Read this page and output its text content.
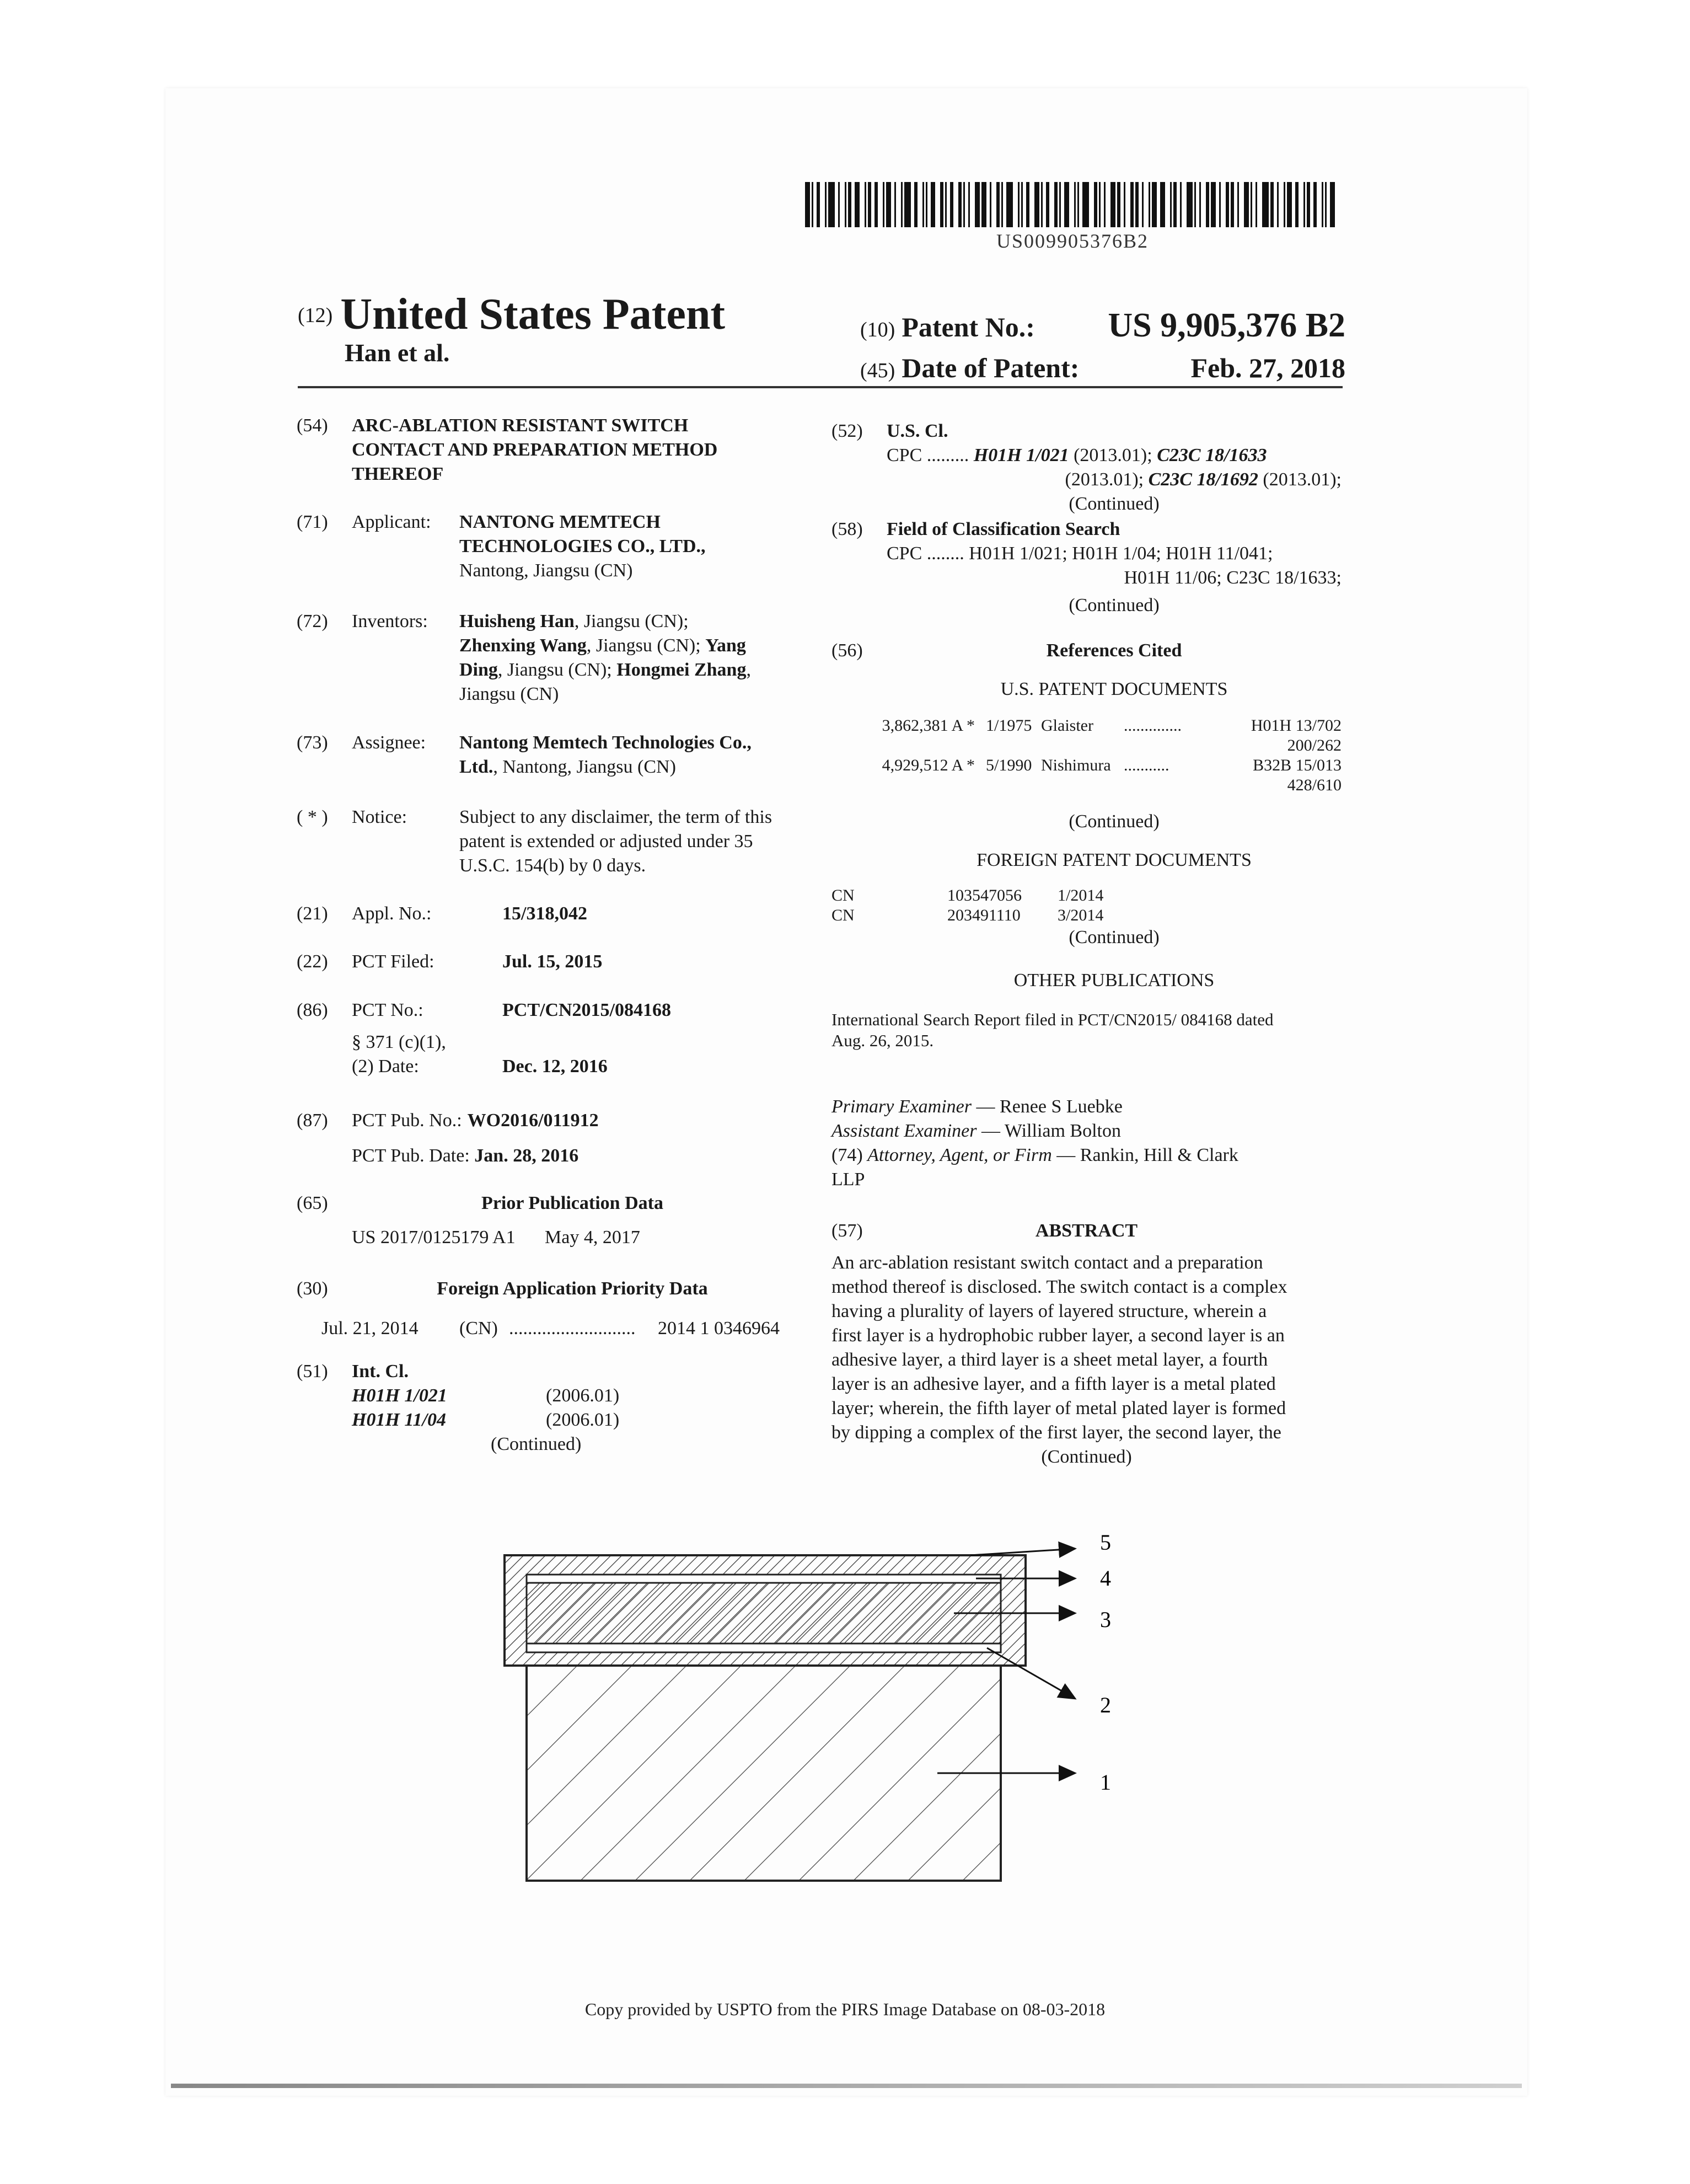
US009905376B2
(12) United States Patent
Han et al.
(10) Patent No.: US 9,905,376 B2
(45) Date of Patent:	Feb. 27, 2018
(54)	ARC-ABLATION RESISTANT SWITCH
CONTACT AND PREPARATION METHOD
THEREOF
(71)	Applicant:	NANTONG MEMTECH
TECHNOLOGIES CO., LTD.,
Nantong, Jiangsu (CN)
(72)	Inventors:	Huisheng Han, Jiangsu (CN);
Zhenxing Wang, Jiangsu (CN); Yang
Ding, Jiangsu (CN); Hongmei Zhang,
Jiangsu (CN)
(73)	Assignee:	Nantong Memtech Technologies Co.,
Ltd., Nantong, Jiangsu (CN)
( * )	Notice:	Subject to any disclaimer, the term of this
patent is extended or adjusted under 35
U.S.C. 154(b) by 0 days.
(21)	Appl. No.:	15/318,042
(22)	PCT Filed:	Jul. 15, 2015
(86)	PCT No.:	PCT/CN2015/084168
§ 371 (c)(1),
(2) Date:	Dec. 12, 2016
(87)	PCT Pub. No.: WO2016/011912
PCT Pub. Date: Jan. 28, 2016
(65)	Prior Publication Data
US 2017/0125179 A1	May 4, 2017
(30)	Foreign Application Priority Data
Jul. 21, 2014	(CN) ...........................	2014 1 0346964
(51)	Int. Cl.
H01H 1/021	(2006.01)
H01H 11/04	(2006.01)
(Continued)
(52)	U.S. Cl.
CPC ......... H01H 1/021 (2013.01); C23C 18/1633
(2013.01); C23C 18/1692 (2013.01);
(Continued)
(58)	Field of Classification Search
CPC ........ H01H 1/021; H01H 1/04; H01H 11/041;
H01H 11/06; C23C 18/1633;
(Continued)
(56)	References Cited
U.S. PATENT DOCUMENTS
3,862,381 A * 1/1975 Glaister	..............	H01H 13/702
200/262
4,929,512 A * 5/1990 Nishimura ...........	B32B 15/013
428/610
(Continued)
FOREIGN PATENT DOCUMENTS
CN	103547056	1/2014
CN	203491110	3/2014
(Continued)
OTHER PUBLICATIONS
International Search Report filed in PCT/CN2015/ 084168 dated
Aug. 26, 2015.
Primary Examiner — Renee S Luebke
Assistant Examiner — William Bolton
(74) Attorney, Agent, or Firm — Rankin, Hill & Clark
LLP
(57)	ABSTRACT
An arc-ablation resistant switch contact and a preparation
method thereof is disclosed. The switch contact is a complex
having a plurality of layers of layered structure, wherein a
first layer is a hydrophobic rubber layer, a second layer is an
adhesive layer, a third layer is a sheet metal layer, a fourth
layer is an adhesive layer, and a fifth layer is a metal plated
layer; wherein, the fifth layer of metal plated layer is formed
by dipping a complex of the first layer, the second layer, the
(Continued)
5
4
3
2
1
Copy provided by USPTO from the PIRS Image Database on 08-03-2018
